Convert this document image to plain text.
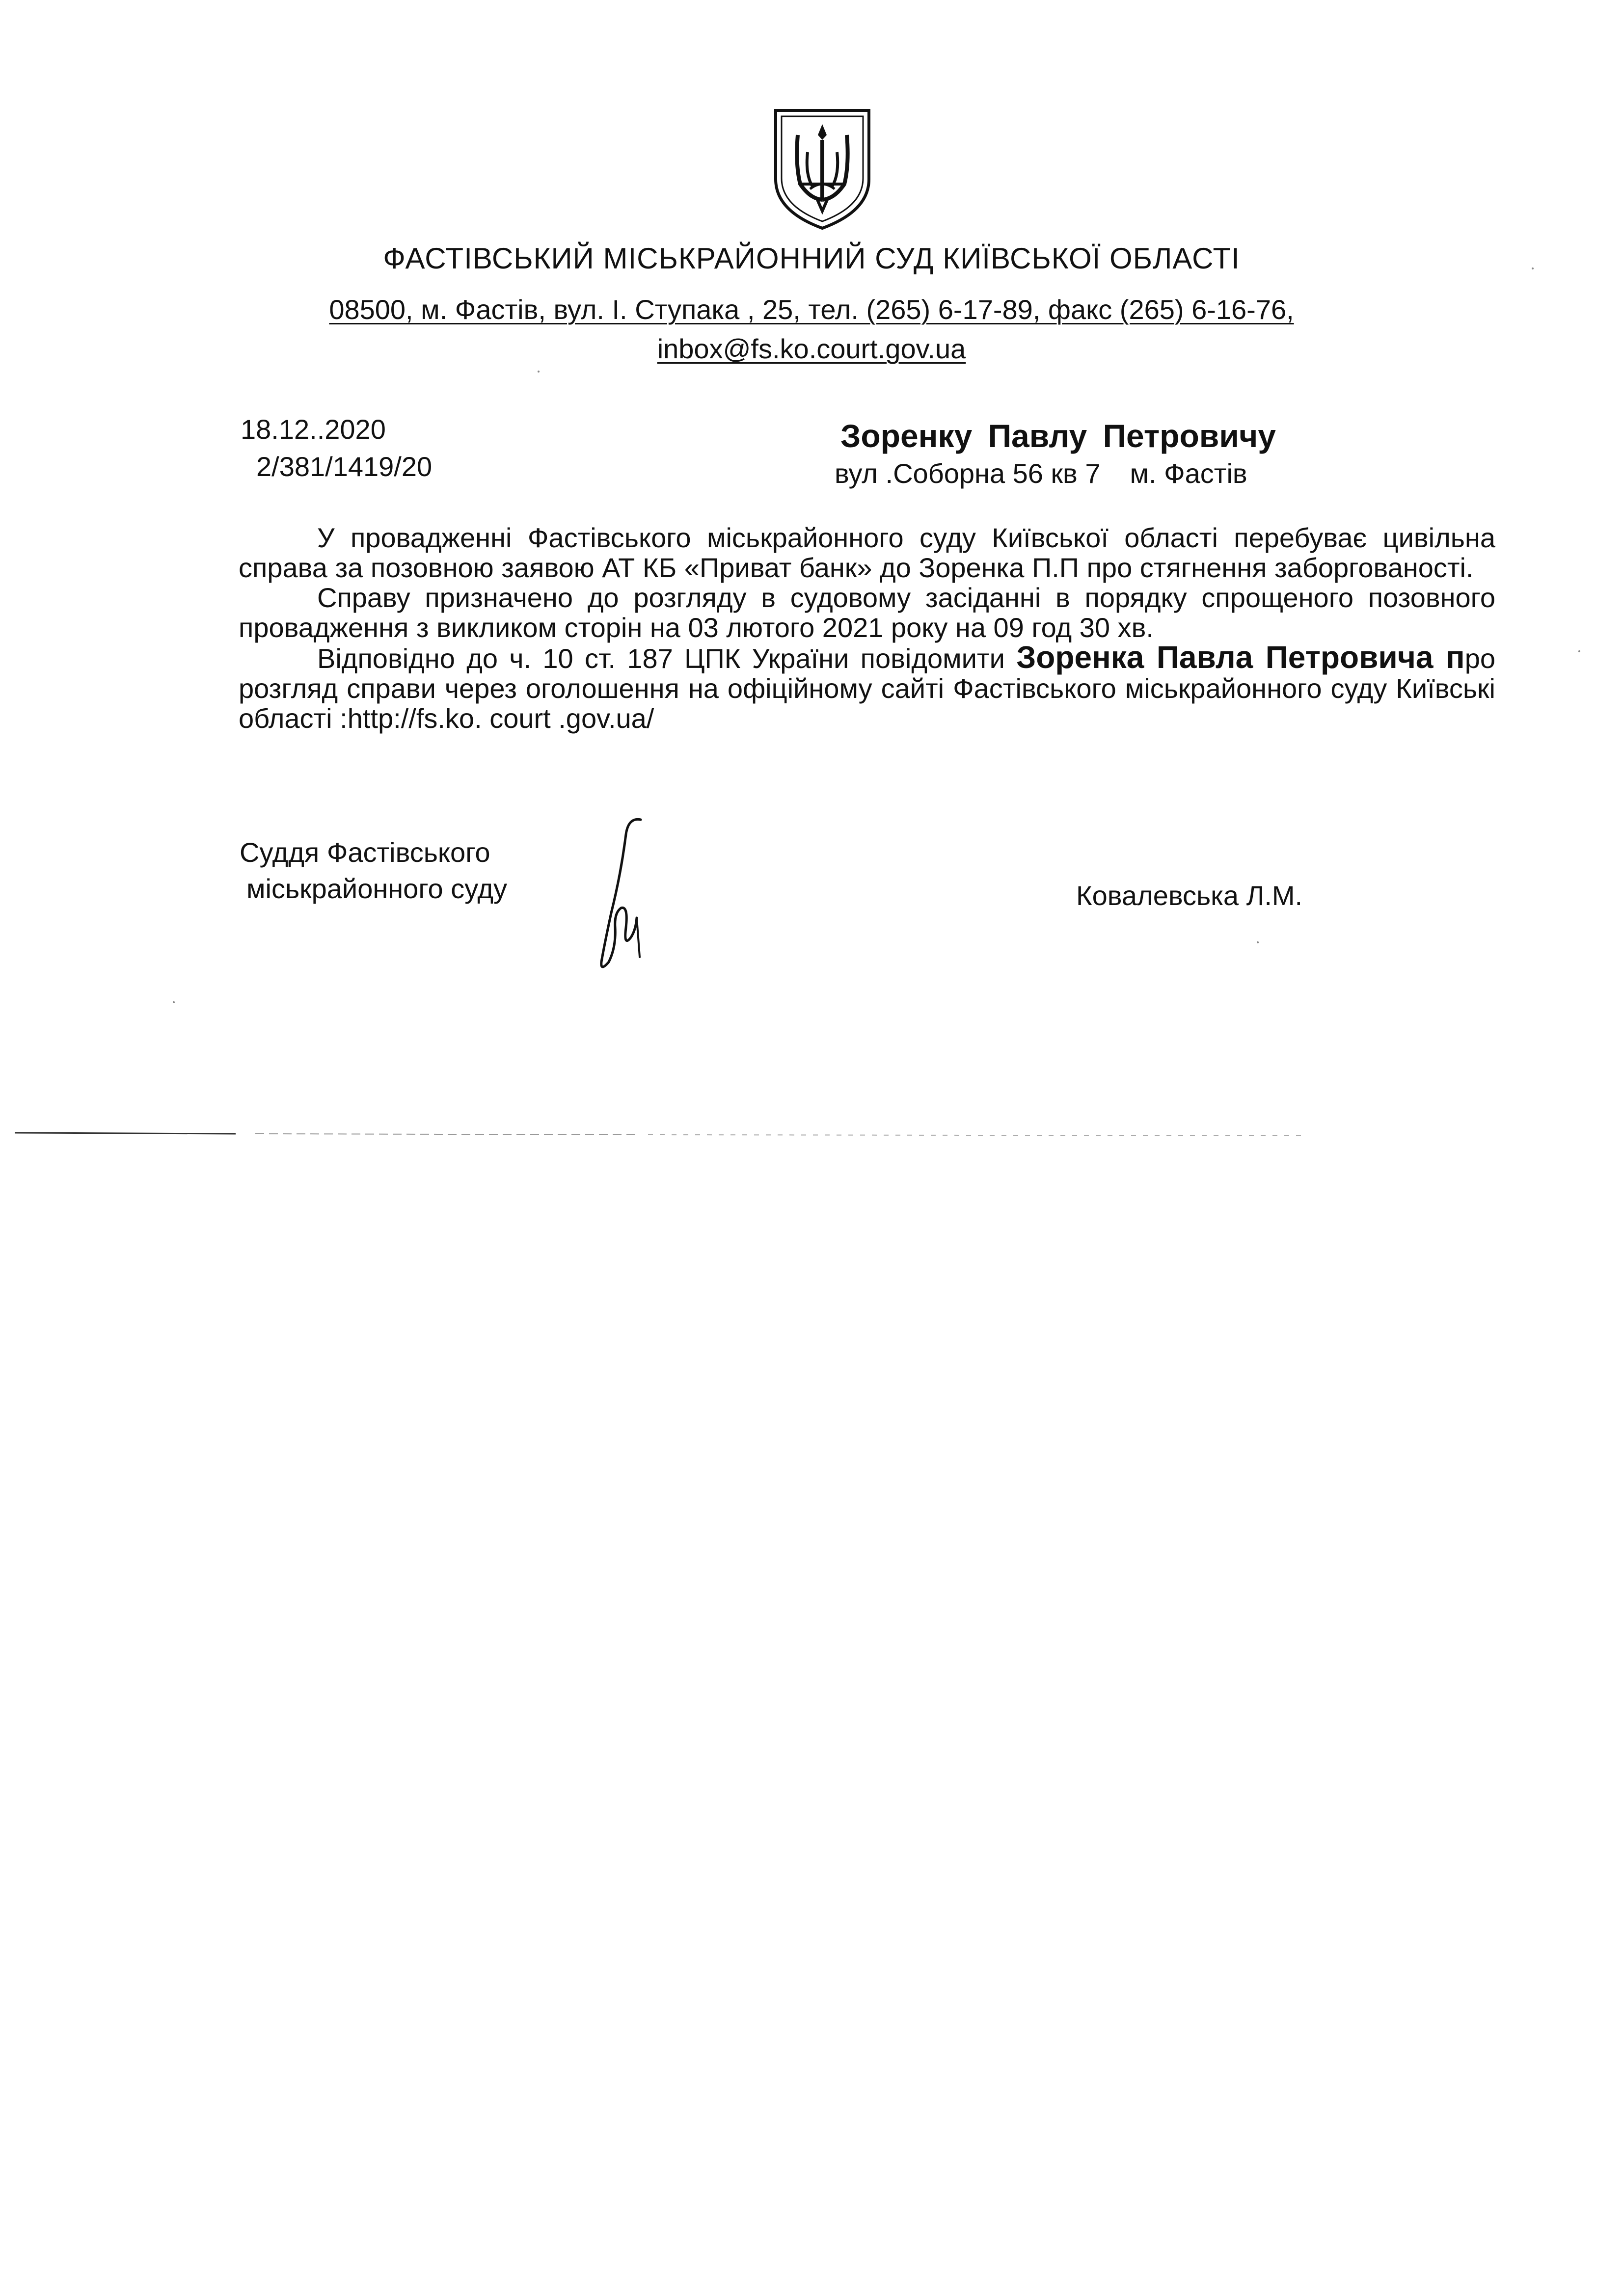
ФАСТІВСЬКИЙ МІСЬКРАЙОННИЙ СУД КИЇВСЬКОЇ ОБЛАСТІ
08500, м. Фастів, вул. І. Ступака , 25, тел. (265) 6-17-89, факс (265) 6-16-76,
inbox@fs.ko.court.gov.ua
18.12..2020
2/381/1419/20
Зоренку Павлу Петровичу
вул .Соборна 56 кв 7 м. Фастів

У провадженні Фастівського міськрайонного суду Київської області перебуває цивільна справа за позовною заявою АТ КБ «Приват банк» до Зоренка П.П про стягнення заборгованості.

Справу призначено до розгляду в судовому засіданні в порядку спрощеного позовного провадження з викликом сторін на 03 лютого 2021 року на 09 год 30 хв.

Відповідно до ч. 10 ст. 187 ЦПК України повідомити Зоренка Павла Петровича про розгляд справи через оголошення на офіційному сайті Фастівського міськрайонного суду Київські області :http://fs.ko. court .gov.ua/

Суддя Фастівського
міськрайонного суду	Ковалевська Л.М.
